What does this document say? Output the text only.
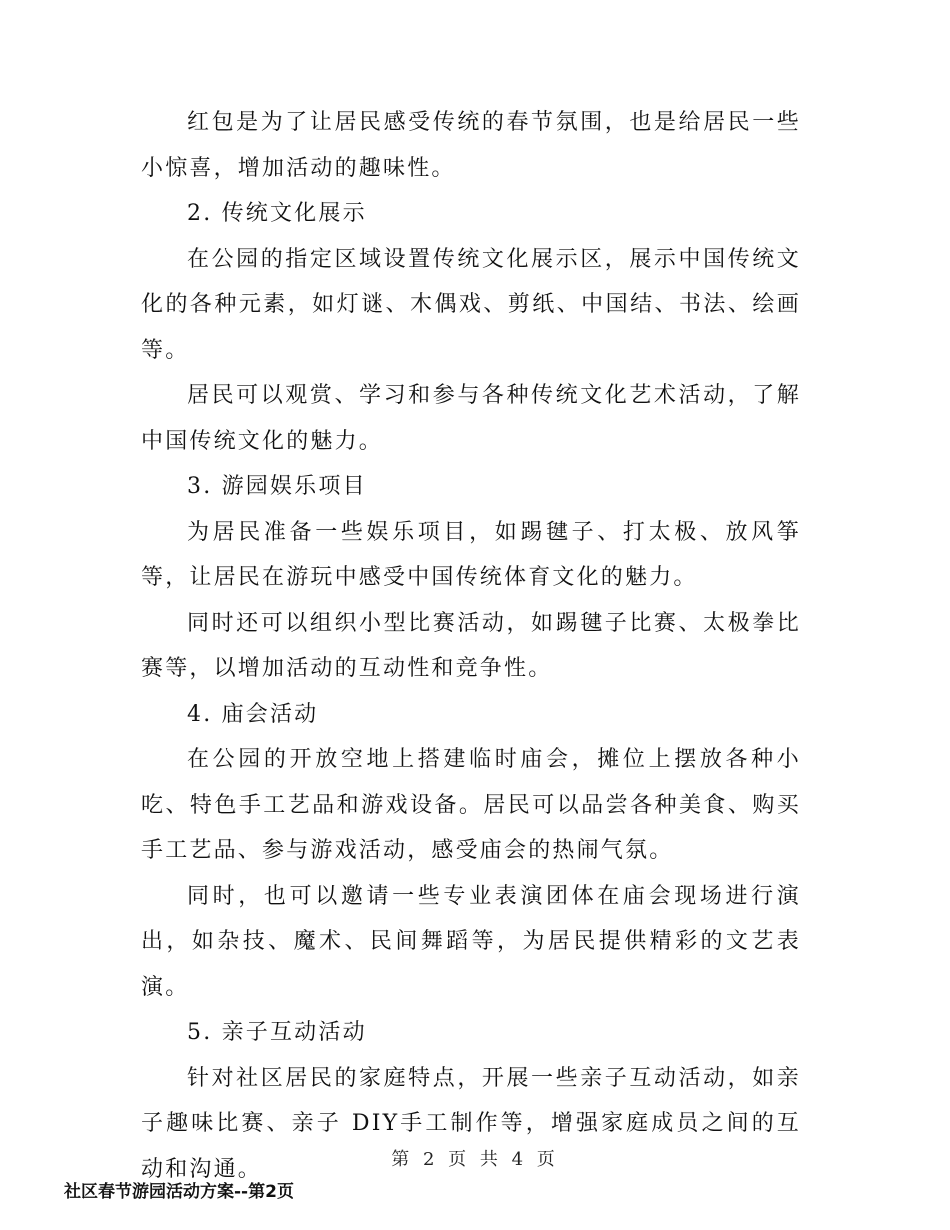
红包是为了让居民感受传统的春节氛围，也是给居民一些小惊喜，增加活动的趣味性。

2. 传统文化展示

在公园的指定区域设置传统文化展示区，展示中国传统文化的各种元素，如灯谜、木偶戏、剪纸、中国结、书法、绘画等。

居民可以观赏、学习和参与各种传统文化艺术活动，了解中国传统文化的魅力。

3. 游园娱乐项目

为居民准备一些娱乐项目，如踢毽子、打太极、放风筝等，让居民在游玩中感受中国传统体育文化的魅力。

同时还可以组织小型比赛活动，如踢毽子比赛、太极拳比赛等，以增加活动的互动性和竞争性。

4. 庙会活动

在公园的开放空地上搭建临时庙会，摊位上摆放各种小吃、特色手工艺品和游戏设备。居民可以品尝各种美食、购买手工艺品、参与游戏活动，感受庙会的热闹气氛。

同时，也可以邀请一些专业表演团体在庙会现场进行演出，如杂技、魔术、民间舞蹈等，为居民提供精彩的文艺表演。

5. 亲子互动活动

针对社区居民的家庭特点，开展一些亲子互动活动，如亲子趣味比赛、亲子 DIY手工制作等，增强家庭成员之间的互动和沟通。	第 2 页 共 4 页
社区春节游园活动方案--第2页
